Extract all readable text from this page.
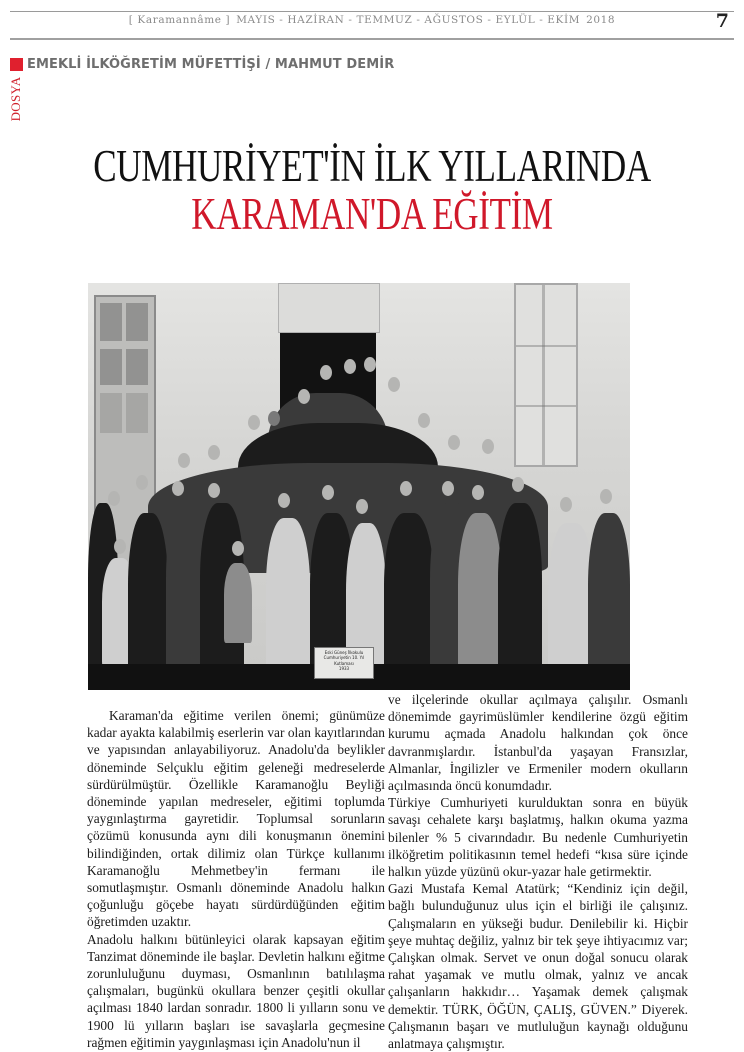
[ Karamannâme ] MAYIS - HAZİRAN - TEMMUZ - AĞUSTOS - EYLÜL - EKİM 2018	7
EMEKLİ İLKÖĞRETİM MÜFETTİŞİ / MAHMUT DEMİR
DOSYA
CUMHURİYET'İN İLK YILLARINDA
KARAMAN'DA EĞİTİM
Eski Güneş İlkokulu
Cumhuriyetin 10. Yıl
Kutlaması
1933

Karaman'da eğitime verilen önemi; günümüze kadar ayakta kalabilmiş eserlerin var olan kayıtlarından ve yapısından anlayabiliyoruz. Anadolu'da beylikler döneminde Selçuklu eğitim geleneği medreselerde sürdürülmüştür. Özellikle Karamanoğlu Beyliği döneminde yapılan medreseler, eğitimi toplumda yaygınlaştırma gayretidir. Toplumsal sorunların çözümü konusunda aynı dili konuşmanın önemini bilindiğinden, ortak dilimiz olan Türkçe kullanımı Karamanoğlu Mehmetbey'in fermanı ile somutlaşmıştır. Osmanlı döneminde Anadolu halkın çoğunluğu göçebe hayatı sürdürdüğünden eğitim öğretimden uzaktır.

Anadolu halkını bütünleyici olarak kapsayan eğitim Tanzimat döneminde ile başlar. Devletin halkını eğitme zorunluluğunu duyması, Osmanlının batılılaşma çalışmaları, bugünkü okullara benzer çeşitli okullar açılması 1840 lardan sonradır. 1800 li yılların sonu ve 1900 lü yılların başları ise savaşlarla geçmesine rağmen eğitimin yaygınlaşması için Anadolu'nun il

ve ilçelerinde okullar açılmaya çalışılır. Osmanlı dönemimde gayrimüslümler kendilerine özgü eğitim kurumu açmada Anadolu halkından çok önce davranmışlardır. İstanbul'da yaşayan Fransızlar, Almanlar, İngilizler ve Ermeniler modern okulların açılmasında öncü konumdadır.

Türkiye Cumhuriyeti kurulduktan sonra en büyük savaşı cehalete karşı başlatmış, halkın okuma yazma bilenler % 5 civarındadır. Bu nedenle Cumhuriyetin ilköğretim politikasının temel hedefi “kısa süre içinde halkın yüzde yüzünü okur-yazar hale getirmektir.

Gazi Mustafa Kemal Atatürk; “Kendiniz için değil, bağlı bulunduğunuz ulus için el birliği ile çalışınız. Çalışmaların en yükseği budur. Denilebilir ki. Hiçbir şeye muhtaç değiliz, yalnız bir tek şeye ihtiyacımız var; Çalışkan olmak. Servet ve onun doğal sonucu olarak rahat yaşamak ve mutlu olmak, yalnız ve ancak çalışanların hakkıdır… Yaşamak demek çalışmak demektir. TÜRK, ÖĞÜN, ÇALIŞ, GÜVEN.” Diyerek. Çalışmanın başarı ve mutluluğun kaynağı olduğunu anlatmaya çalışmıştır.
